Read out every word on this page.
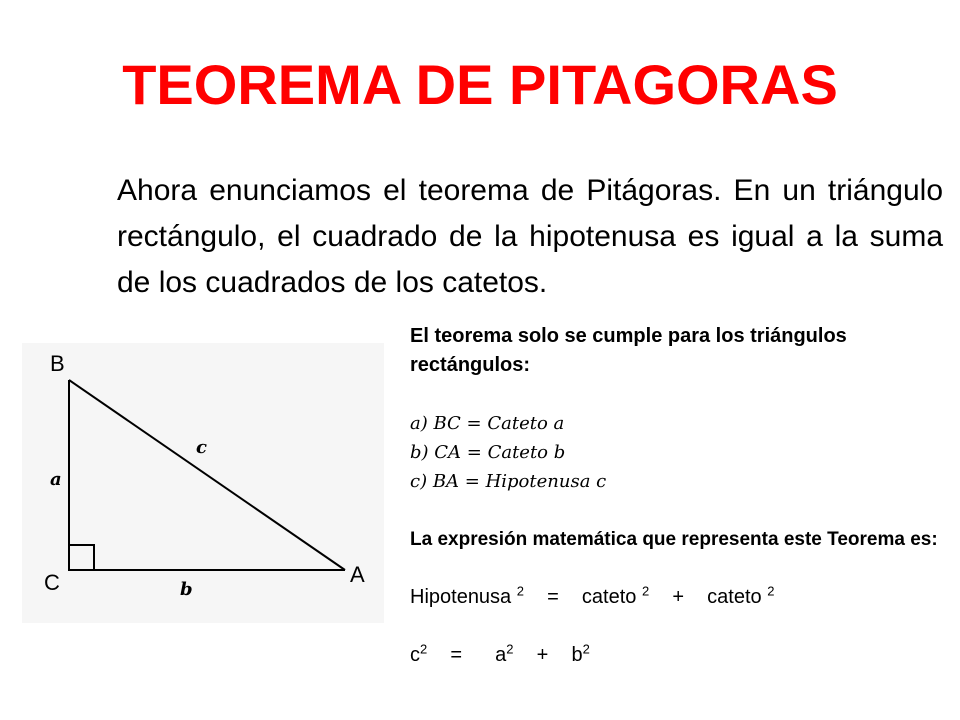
TEOREMA DE PITAGORAS
Ahora enunciamos el teorema de Pitágoras. En un triángulo rectángulo, el cuadrado de la hipotenusa es igual a la suma de los cuadrados de los catetos.
B
C	A
a
b
c
El teorema solo se cumple para los triángulos rectángulos:
a) BC = Cateto a
b) CA = Cateto b
c) BA = Hipotenusa c
La expresión matemática que representa este Teorema es:
Hipotenusa $^2$ = cateto $^2$ + cateto $^2$
$c^2 = a^2 + b^2$
